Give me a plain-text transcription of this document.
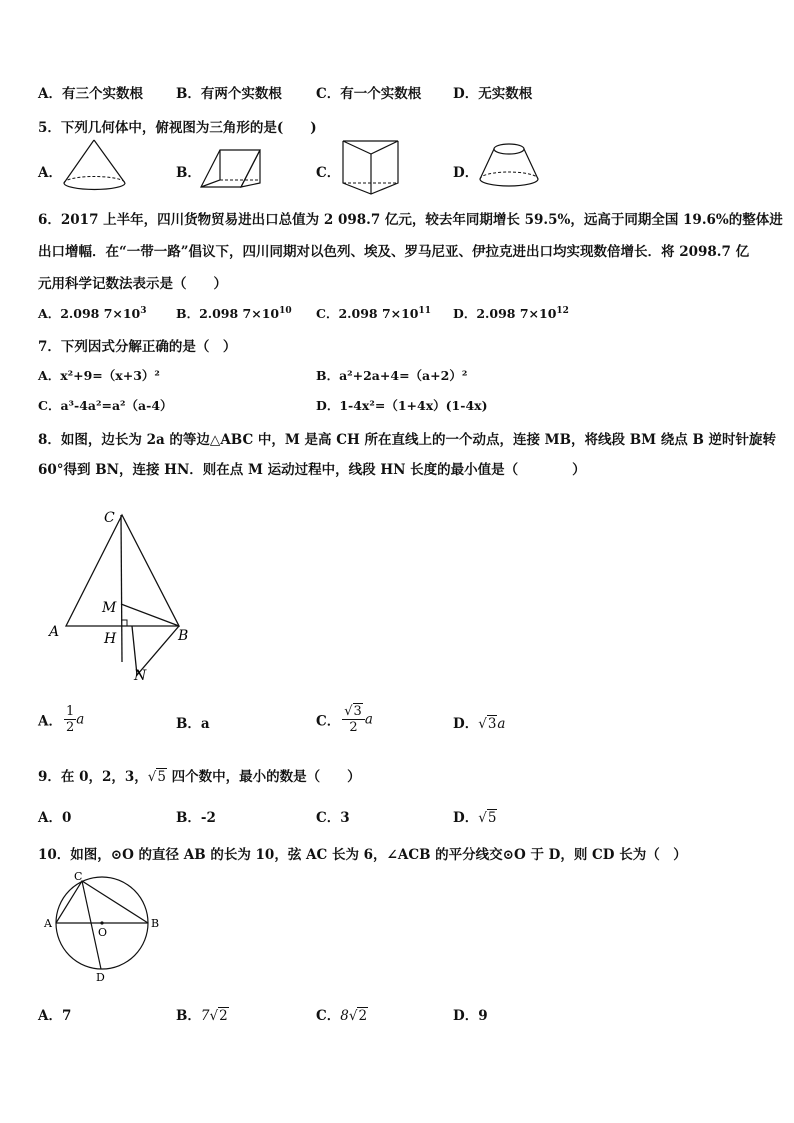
A．有三个实数根 B．有两个实数根	C．有一个实数根 D．无实数根
5．下列几何体中，俯视图为三角形的是(　　)
A．	B．	C．	D．
6．2017 上半年，四川货物贸易进出口总值为 2 098.7 亿元，较去年同期增长 59.5%，远高于同期全国 19.6%的整体进
出口增幅．在“一带一路”倡议下，四川同期对以色列、埃及、罗马尼亚、伊拉克进出口均实现数倍增长．将 2098.7 亿
元用科学记数法表示是（　　）
A．2.098 $7\times 10^3$ B．2.098 $7\times 10^{10}$ C．2.098 $7\times 10^{11}$ D．2.098 $7\times 10^{12}$
7．下列因式分解正确的是（　）
A．x²+9=（x+3）²	B．a²+2a+4=（a+2）²
C．a³-4a²=a²（a-4）	D．1-4x²=（1+4x）(1-4x)
8．如图，边长为 2a 的等边△ABC 中，M 是高 CH 所在直线上的一个动点，连接 MB，将线段 BM 绕点 B 逆时针旋转
60°得到 BN，连接 HN．则在点 M 运动过程中，线段 HN 长度的最小值是（　　　　）
C
M
A	H	B
N
A． $\frac{1}{2}$ a	B．a	C． $\frac{√3}{2}$ a	D．√3a
9．在 0，2，3，√5 四个数中，最小的数是（　　）
A．0	B．-2	C．3	D．√5
10．如图，⊙O 的直径 AB 的长为 10，弦 AC 长为 6，∠ACB 的平分线交⊙O 于 D，则 CD 长为（　）
C
A
O
B
D
A．7	B．7√2	C．8√2	D．9
